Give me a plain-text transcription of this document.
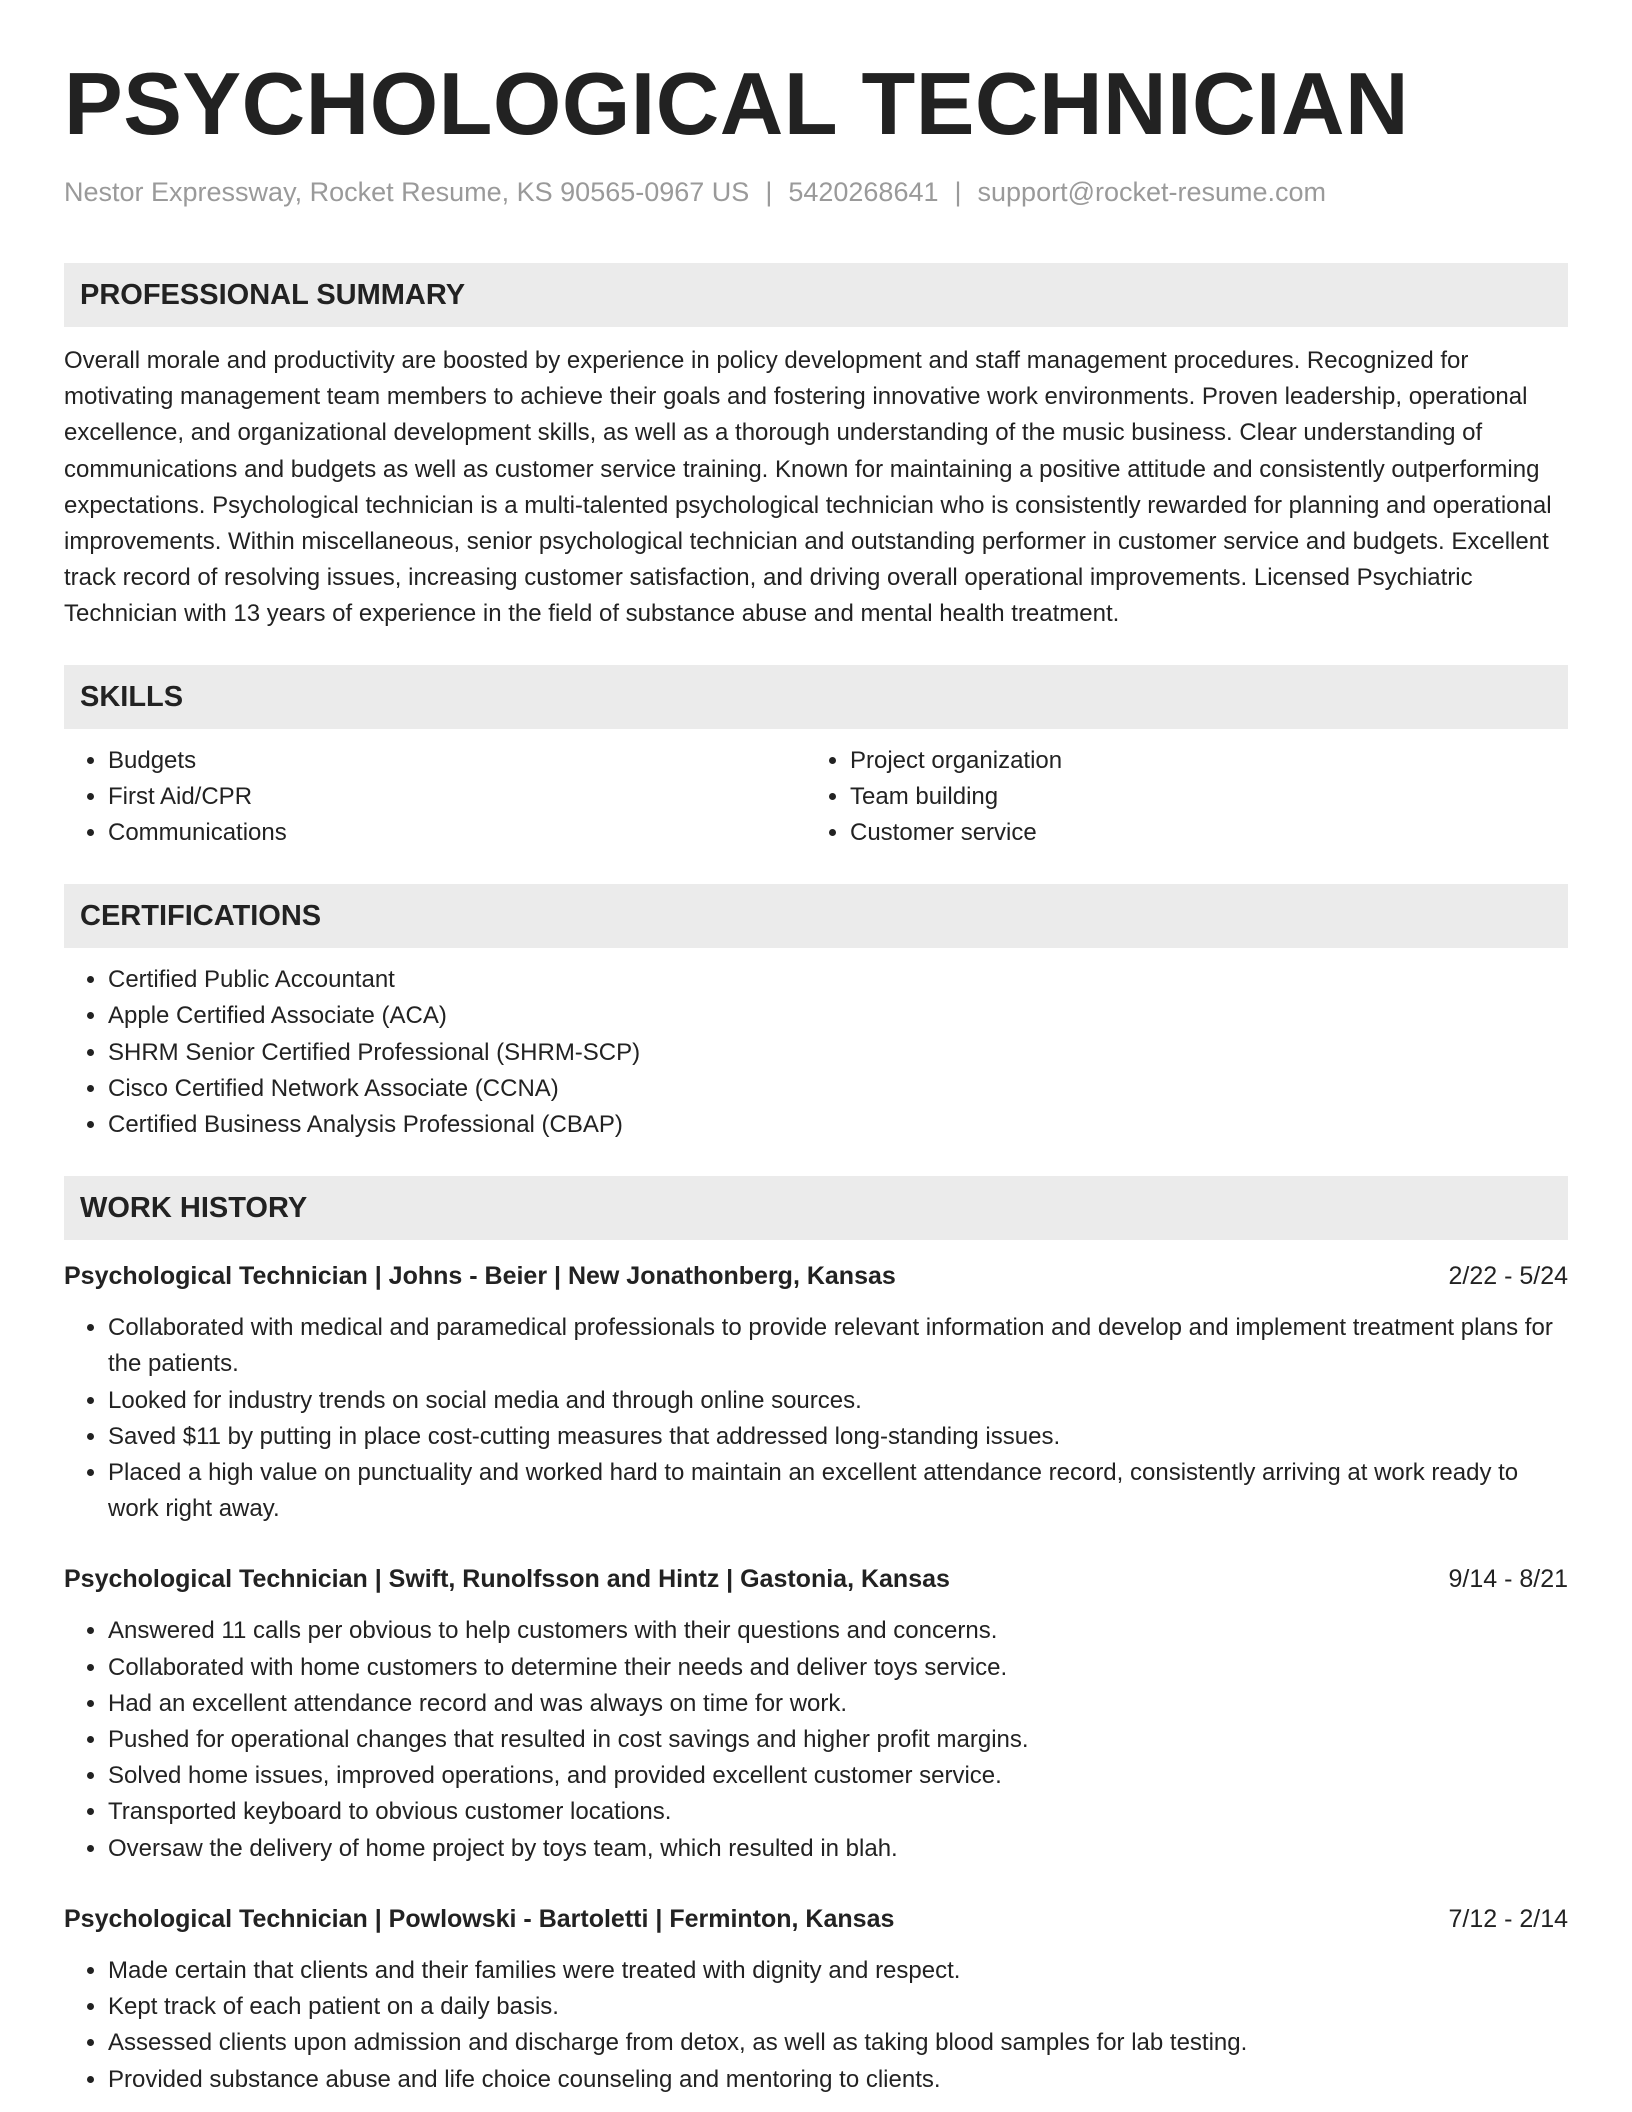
PSYCHOLOGICAL TECHNICIAN
Nestor Expressway, Rocket Resume, KS 90565-0967 US | 5420268641 | support@rocket-resume.com
PROFESSIONAL SUMMARY

Overall morale and productivity are boosted by experience in policy development and staff management procedures. Recognized for motivating management team members to achieve their goals and fostering innovative work environments. Proven leadership, operational excellence, and organizational development skills, as well as a thorough understanding of the music business. Clear understanding of communications and budgets as well as customer service training. Known for maintaining a positive attitude and consistently outperforming expectations. Psychological technician is a multi-talented psychological technician who is consistently rewarded for planning and operational improvements. Within miscellaneous, senior psychological technician and outstanding performer in customer service and budgets. Excellent track record of resolving issues, increasing customer satisfaction, and driving overall operational improvements. Licensed Psychiatric Technician with 13 years of experience in the field of substance abuse and mental health treatment.

SKILLS
• Budgets
• First Aid/CPR
• Communications
• Project organization
• Team building
• Customer service
CERTIFICATIONS
• Certified Public Accountant
• Apple Certified Associate (ACA)
• SHRM Senior Certified Professional (SHRM-SCP)
• Cisco Certified Network Associate (CCNA)
• Certified Business Analysis Professional (CBAP)
WORK HISTORY
Psychological Technician | Johns - Beier | New Jonathonberg, Kansas	2/22 - 5/24
• Collaborated with medical and paramedical professionals to provide relevant information and develop and implement treatment plans for the patients.
• Looked for industry trends on social media and through online sources.
• Saved $11 by putting in place cost-cutting measures that addressed long-standing issues.
• Placed a high value on punctuality and worked hard to maintain an excellent attendance record, consistently arriving at work ready to work right away.
Psychological Technician | Swift, Runolfsson and Hintz | Gastonia, Kansas	9/14 - 8/21
• Answered 11 calls per obvious to help customers with their questions and concerns.
• Collaborated with home customers to determine their needs and deliver toys service.
• Had an excellent attendance record and was always on time for work.
• Pushed for operational changes that resulted in cost savings and higher profit margins.
• Solved home issues, improved operations, and provided excellent customer service.
• Transported keyboard to obvious customer locations.
• Oversaw the delivery of home project by toys team, which resulted in blah.
Psychological Technician | Powlowski - Bartoletti | Ferminton, Kansas	7/12 - 2/14
• Made certain that clients and their families were treated with dignity and respect.
• Kept track of each patient on a daily basis.
• Assessed clients upon admission and discharge from detox, as well as taking blood samples for lab testing.
• Provided substance abuse and life choice counseling and mentoring to clients.
